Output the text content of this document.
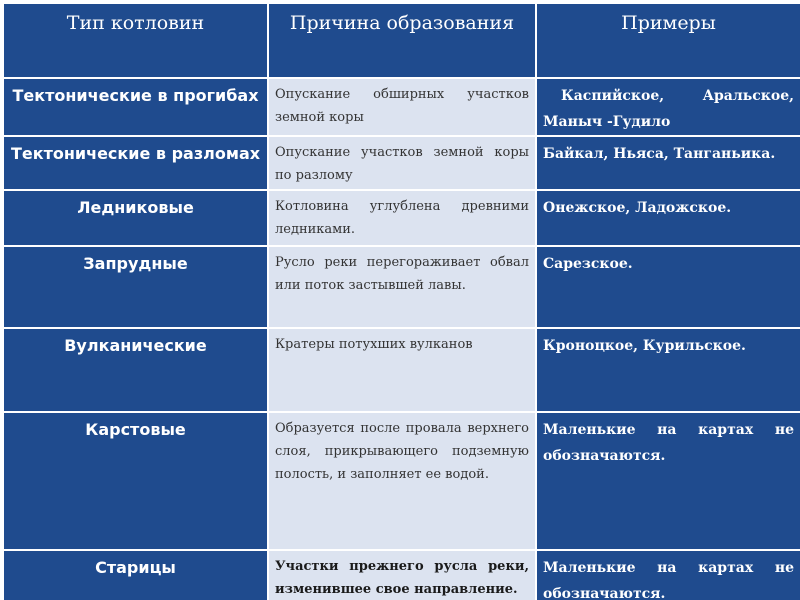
Тип котловин	Причина образования	Примеры
Тектонические в прогибах	Опускание обширных участков земной коры	Каспийское, Аральское, Маныч -Гудило

Тектонические в разломах	Опускание участков земной коры по разлому	Байкал, Ньяса, Танганьика.
Ледниковые	Котловина углублена древними ледниками.	Онежское, Ладожское.
Запрудные	Русло реки перегораживает обвал или поток застывшей лавы.	Сарезское.
Вулканические	Кратеры потухших вулканов	Кроноцкое, Курильское.
Карстовые	Образуется после провала верхнего слоя, прикрывающего подземную полость, и заполняет ее водой.	Маленькие на картах не обозначаются.
Старицы	Участки прежнего русла реки, изменившее свое направление.	Маленькие на картах не обозначаются.
